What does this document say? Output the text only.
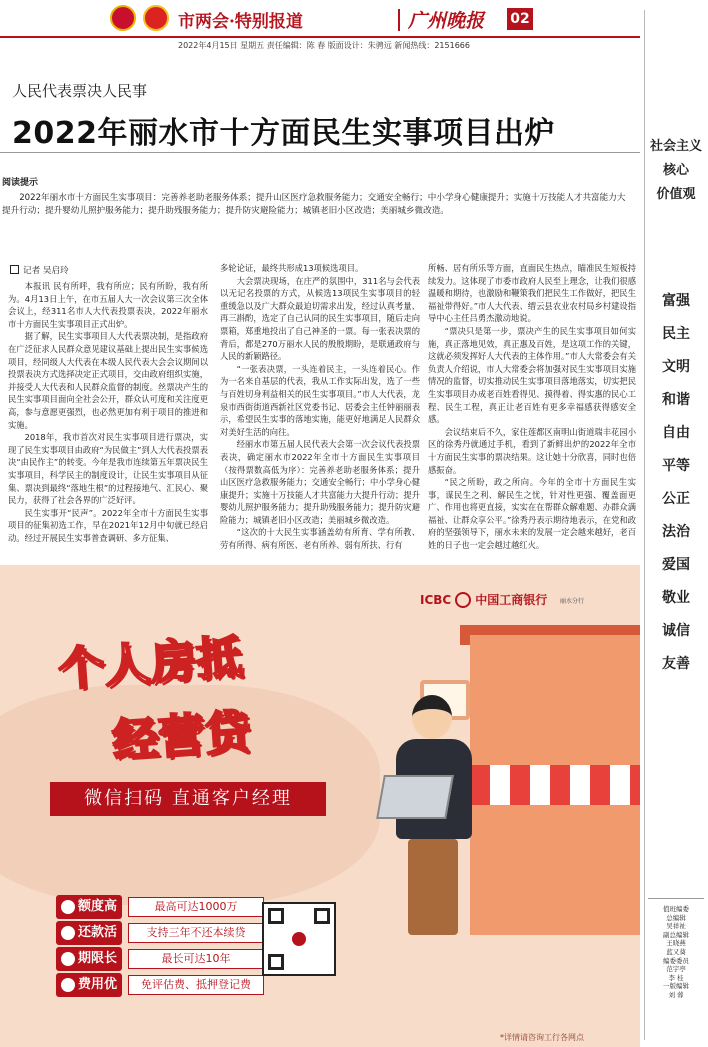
市两会·特别报道	广州晚报 02
2022年4月15日 星期五 责任编辑：陈 春 版面设计：朱骋远 新闻热线：2151666
人民代表票决人民事
2022年丽水市十方面民生实事项目出炉
阅读提示
2022年丽水市十方面民生实事项目：完善养老助老服务体系；提升山区医疗急救服务能力；交通安全畅行；中小学身心健康提升；实施十万技能人才共富能力大提升行动；提升婴幼儿照护服务能力；提升助残服务能力；提升防灾避险能力；城镇老旧小区改造；美丽城乡微改造。
记者 吴启玲

本报讯 民有所呼，我有所应；民有所盼，我有所为。4月13日上午，在市五届人大一次会议第三次全体会议上，经311名市人大代表投票表决，2022年丽水市十方面民生实事项目正式出炉。

据了解，民生实事项目人大代表票决制，是指政府在广泛征求人民群众意见建议基础上提出民生实事候选项目，经同级人大代表在本级人民代表大会会议期间以投票表决方式选择决定正式项目，交由政府组织实施，并接受人大代表和人民群众监督的制度。丝票决产生的民生实事项目面向全社会公开，群众认可度和关注度更高，参与意愿更强烈，也必然更加有利于项目的推进和实施。

2018年，我市首次对民生实事项目进行票决，实现了民生实事项目由政府“为民做主”到人大代表投票表决“由民作主”的转变。今年是我市连续第五年票决民生实事项目，科学民主的制度设计，让民生实事项目从征集、票决到最终“落地生根”的过程接地气、汇民心、聚民力，获得了社会各界的广泛好评。

民生实事开“民声”。2022年全市十方面民生实事项目的征集初选工作，早在2021年12月中旬就已经启动。经过开展民生实事普查调研、多方征集、

多轮论证，最终共形成13项候选项目。

大会票决现场，在庄严的氛围中，311名与会代表以无记名投票的方式，从候选13项民生实事项目的轻重缓急以及广大群众最迫切需求出发，经过认真考量、再三斟酌，选定了自己认同的民生实事项目，随后走向票箱，郑重地投出了自己神圣的一票。每一张表决票的背后，都是270万丽水人民的殷殷期盼，是联通政府与人民的新颖路径。

“一张表决票，一头连着民主，一头连着民心。作为一名来自基层的代表，我从工作实际出发，选了一些与百姓切身利益相关的民生实事项目。”市人大代表，龙泉市西街街道西新社区党委书记、居委会主任钟丽丽表示，希望民生实事的落地实施，能更好地满足人民群众对美好生活的向往。

经丽水市第五届人民代表大会第一次会议代表投票表决，确定丽水市2022年全市十方面民生实事项目（按得票数高低为序）：完善养老助老服务体系；提升山区医疗急救服务能力；交通安全畅行；中小学身心健康提升；实施十万技能人才共富能力大提升行动；提升婴幼儿照护服务能力；提升助残服务能力；提升防灾避险能力；城镇老旧小区改造；美丽城乡微改造。

“这次的十大民生实事涵盖幼有所育、学有所教、劳有所得、病有所医、老有所养、弱有所扶、行有

所畅、居有所乐等方面，直面民生热点，瞄准民生短板持续发力。这体现了市委市政府人民至上理念，让我们很感温暖和期待，也激励和鞭策我们把民生工作做好，把民生福祉带得好。”市人大代表、缙云县农业农村局乡村建设指导中心主任吕勇杰激动地说。

“票决只是第一步，票决产生的民生实事项目如何实施，真正落地见效，真正惠及百姓，是这项工作的关键，这就必须发挥好人大代表的主体作用。”市人大常委会有关负责人介绍说，市人大常委会将加强对民生实事项目实施情况的监督，切实推动民生实事项目落地落实，切实把民生实事项目办成老百姓看得见、摸得着、得实惠的民心工程、民生工程，真正让老百姓有更多幸福感获得感安全感。

会议结束后不久，家住莲都区南明山街道瑞丰花园小区的徐秀丹就通过手机，看到了新鲜出炉的2022年全市十方面民生实事的票决结果。这让她十分欣喜，同时也倍感振奋。

“民之所盼，政之所向。今年的全市十方面民生实事，谋民生之利、解民生之忧，针对性更强、覆盖面更广、作用也将更直接，实实在在帮群众解难题、办群众满福祉、让群众享公平。”徐秀丹表示期待地表示，在党和政府的坚强领导下，丽水未来的发展一定会越来越好，老百姓的日子也一定会越过越红火。

ICBC 中国工商银行 丽水分行
个人房抵
经营贷
微信扫码 直通客户经理
额度高	最高可达1000万
还款活	支持三年不还本续贷
期限长	最长可达10年
费用优	免评估费、抵押登记费
*详情请咨询工行各网点
社会主义
核心
价值观
富强
民主
文明
和谐
自由
平等
公正
法治
爱国
敬业
诚信
友善
值班编委
总编辑
吴祥祉
副总编辑
王晓燕
蓝又葵
编委委员
范宇亭
李 桂
一版编辑
刘 蓉
